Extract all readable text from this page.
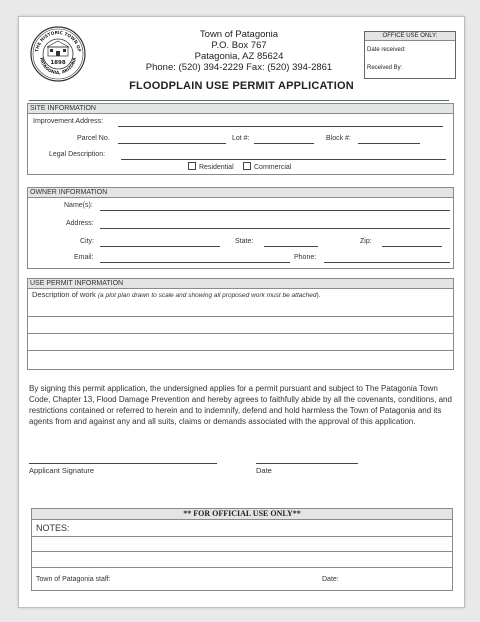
THE HISTORIC TOWN OF
PATAGONIA, ARIZONA
1898
Town of Patagonia
P.O. Box 767
Patagonia, AZ 85624
Phone: (520) 394-2229 Fax: (520) 394-2861
OFFICE USE ONLY:
Date received:
Received By:
FLOODPLAIN USE PERMIT APPLICATION
SITE INFORMATION
Improvement Address:
Parcel No.	Lot #:	Block #:
Legal Description:
Residential	Commercial
OWNER INFORMATION
Name(s):
Address:
City:	State:	Zip:
Email:	Phone:
USE PERMIT INFORMATION
Description of work (a plot plan drawn to scale and showing all proposed work must be attached).
By signing this permit application, the undersigned applies for a permit pursuant and subject to The Patagonia Town Code, Chapter 13, Flood Damage Prevention and hereby agrees to faithfully abide by all the covenants, conditions, and restrictions contained or referred to herein and to indemnify, defend and hold harmless the Town of Patagonia and its agents from and against any and all suits, claims or demands associated with the approval of this application.
Applicant Signature	Date
** FOR OFFICIAL USE ONLY**
NOTES:
Town of Patagonia staff:	Date:
